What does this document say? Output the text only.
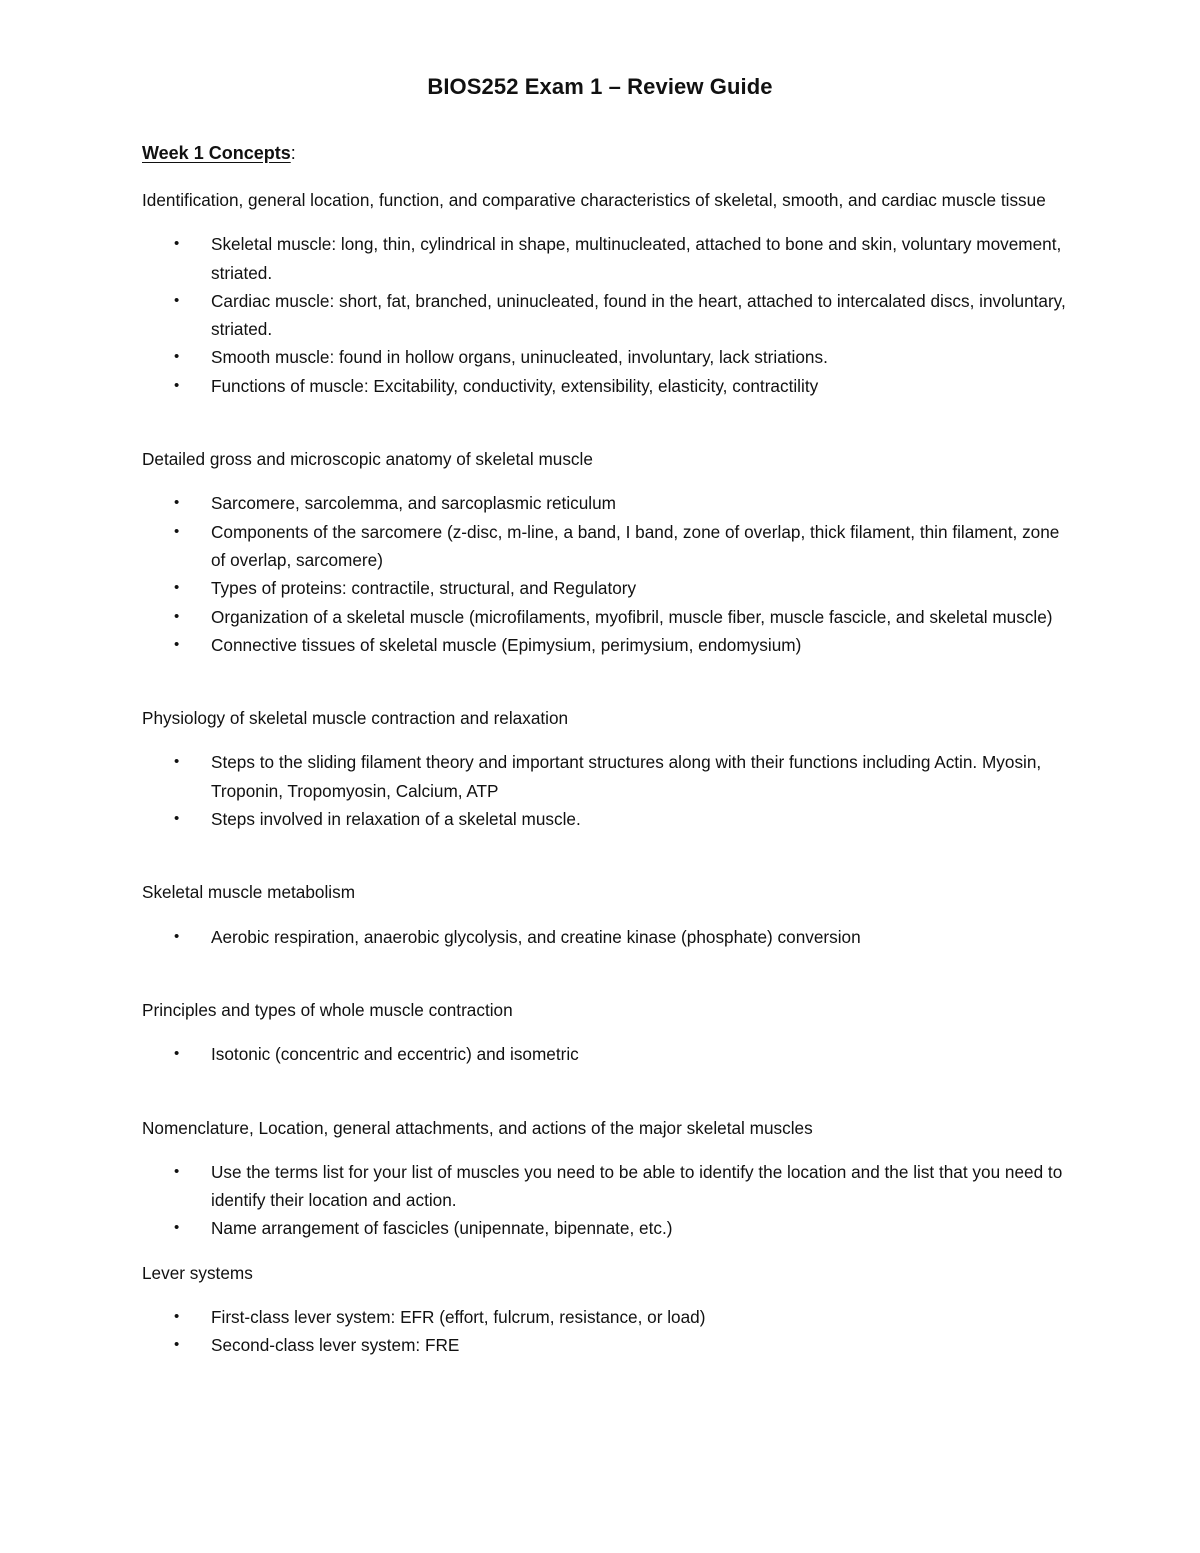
BIOS252 Exam 1 – Review Guide
Week 1 Concepts:

Identification, general location, function, and comparative characteristics of skeletal, smooth, and cardiac muscle tissue

• Skeletal muscle: long, thin, cylindrical in shape, multinucleated, attached to bone and skin, voluntary movement, striated.
• Cardiac muscle: short, fat, branched, uninucleated, found in the heart, attached to intercalated discs, involuntary, striated.
• Smooth muscle: found in hollow organs, uninucleated, involuntary, lack striations.
• Functions of muscle: Excitability, conductivity, extensibility, elasticity, contractility

Detailed gross and microscopic anatomy of skeletal muscle

• Sarcomere, sarcolemma, and sarcoplasmic reticulum
• Components of the sarcomere (z-disc, m-line, a band, I band, zone of overlap, thick filament, thin filament, zone of overlap, sarcomere)
• Types of proteins: contractile, structural, and Regulatory
• Organization of a skeletal muscle (microfilaments, myofibril, muscle fiber, muscle fascicle, and skeletal muscle)
• Connective tissues of skeletal muscle (Epimysium, perimysium, endomysium)

Physiology of skeletal muscle contraction and relaxation

• Steps to the sliding filament theory and important structures along with their functions including Actin. Myosin, Troponin, Tropomyosin, Calcium, ATP
• Steps involved in relaxation of a skeletal muscle.

Skeletal muscle metabolism

• Aerobic respiration, anaerobic glycolysis, and creatine kinase (phosphate) conversion

Principles and types of whole muscle contraction

• Isotonic (concentric and eccentric) and isometric

Nomenclature, Location, general attachments, and actions of the major skeletal muscles

• Use the terms list for your list of muscles you need to be able to identify the location and the list that you need to identify their location and action.
• Name arrangement of fascicles (unipennate, bipennate, etc.)

Lever systems

• First-class lever system: EFR (effort, fulcrum, resistance, or load)
• Second-class lever system: FRE
